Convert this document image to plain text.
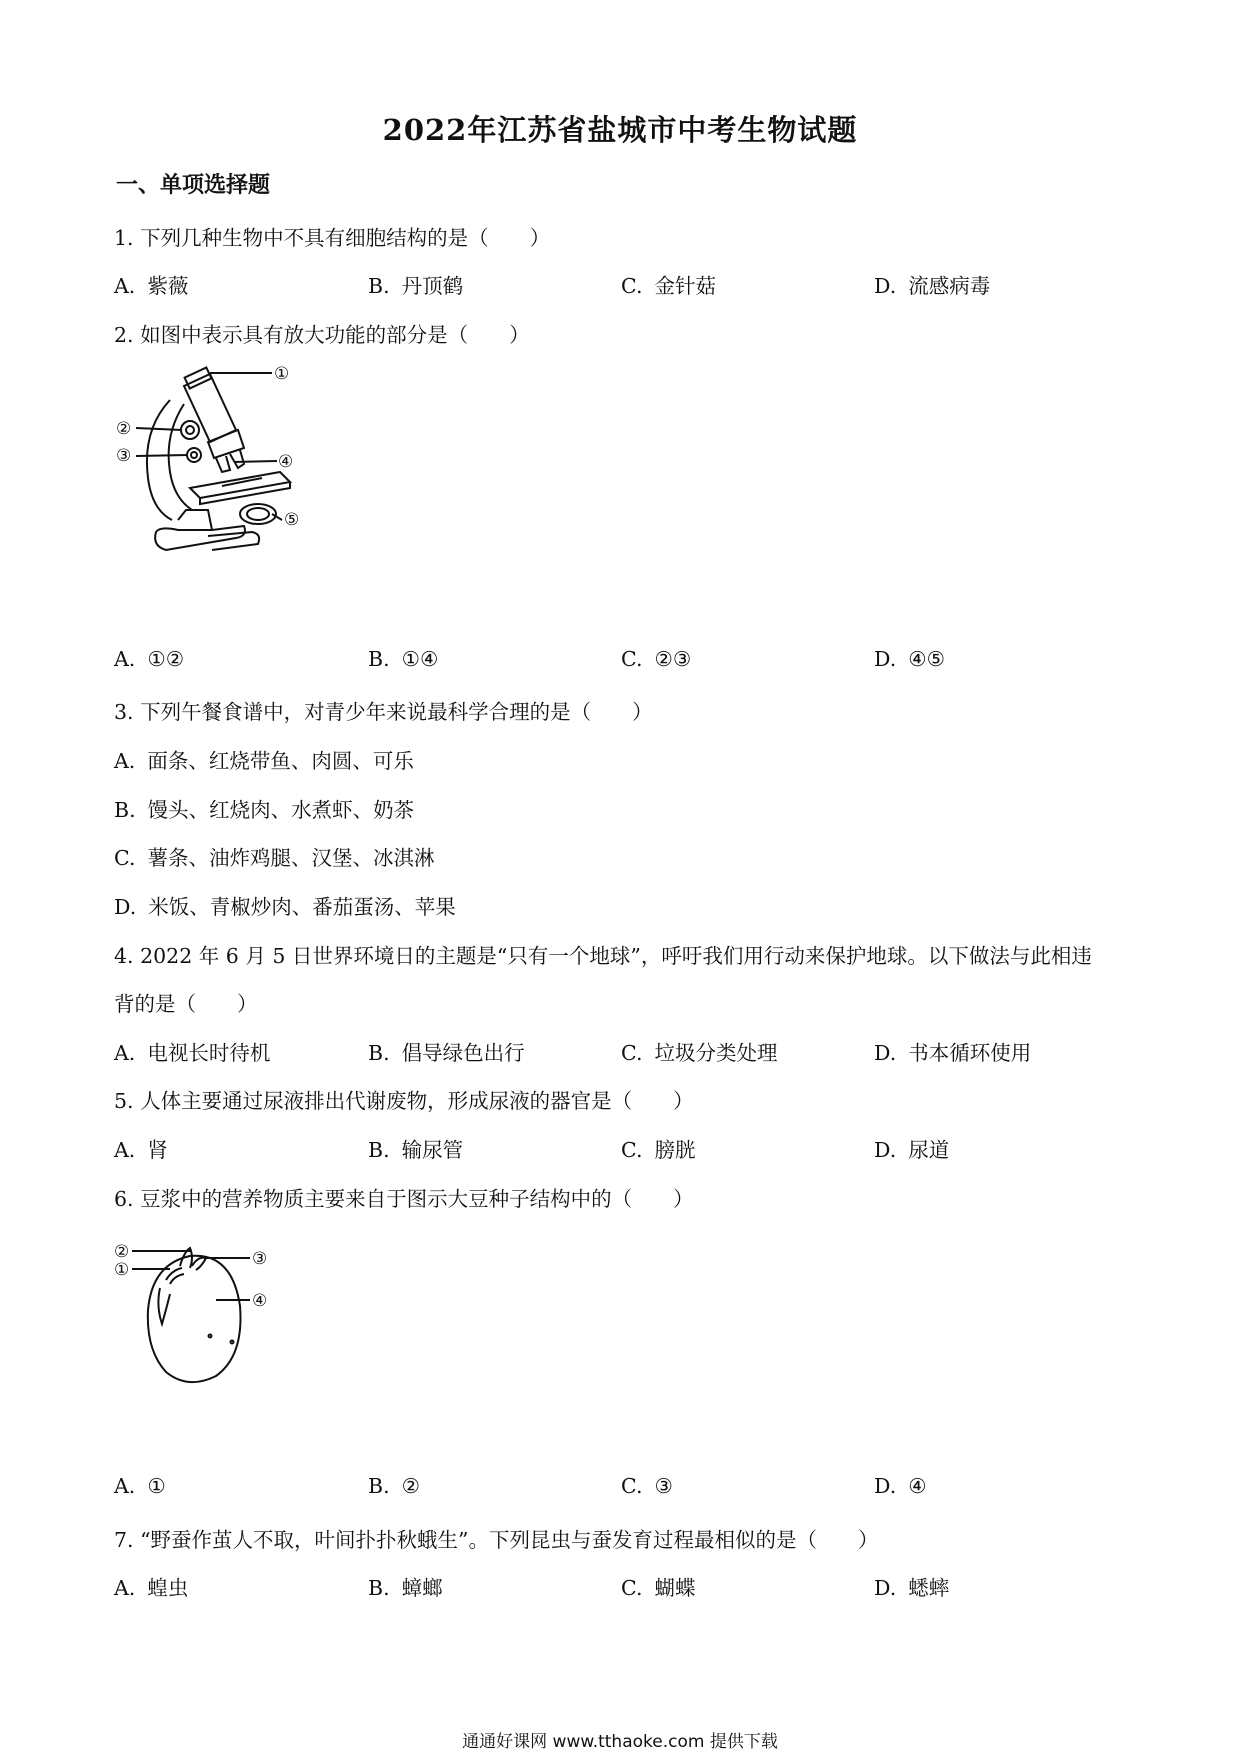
2022年江苏省盐城市中考生物试题
一、单项选择题
1. 下列几种生物中不具有细胞结构的是（　　）
A. 紫薇	B. 丹顶鹤	C. 金针菇	D. 流感病毒
2. 如图中表示具有放大功能的部分是（　　）
①
②
③	④
⑤
A. ①②	B. ①④	C. ②③	D. ④⑤
3. 下列午餐食谱中，对青少年来说最科学合理的是（　　）
A. 面条、红烧带鱼、肉圆、可乐
B. 馒头、红烧肉、水煮虾、奶茶
C. 薯条、油炸鸡腿、汉堡、冰淇淋
D. 米饭、青椒炒肉、番茄蛋汤、苹果
4. 2022 年 6 月 5 日世界环境日的主题是“只有一个地球”，呼吁我们用行动来保护地球。以下做法与此相违
背的是（　　）
A. 电视长时待机	B. 倡导绿色出行	C. 垃圾分类处理	D. 书本循环使用
5. 人体主要通过尿液排出代谢废物，形成尿液的器官是（　　）
A. 肾	B. 输尿管	C. 膀胱	D. 尿道
6. 豆浆中的营养物质主要来自于图示大豆种子结构中的（　　）
②
①
③
④
A. ①	B. ②	C. ③	D. ④
7. “野蚕作茧人不取，叶间扑扑秋蛾生”。下列昆虫与蚕发育过程最相似的是（　　）
A. 蝗虫	B. 蟑螂	C. 蝴蝶	D. 蟋蟀
通通好课网 www.tthaoke.com 提供下载
